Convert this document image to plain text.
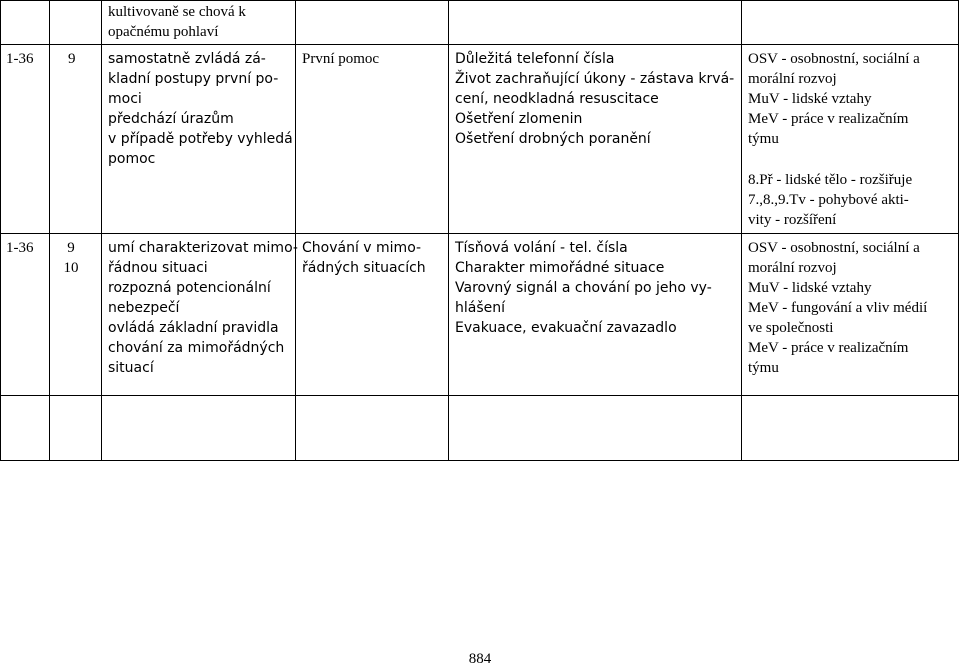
kultivovaně se chová k
opačnému pohlaví
1-36 9 samostatně zvládá zá-
kladní postupy první po-
moci
předchází úrazům
v případě potřeby vyhledá
pomoc
První pomoc	Důležitá telefonní čísla
Život zachraňující úkony - zástava krvá-
cení, neodkladná resuscitace
Ošetření zlomenin
Ošetření drobných poranění
OSV - osobnostní, sociální a
morální rozvoj
MuV - lidské vztahy
MeV - práce v realizačním
týmu
8.Př - lidské tělo - rozšiřuje
7.,8.,9.Tv - pohybové akti-
vity - rozšíření
1-36 9
10
umí charakterizovat mimo-
řádnou situaci
rozpozná potencionální
nebezpečí
ovládá základní pravidla
chování za mimořádných
situací
Chování v mimo-
řádných situacích
Tísňová volání - tel. čísla
Charakter mimořádné situace
Varovný signál a chování po jeho vy-
hlášení
Evakuace, evakuační zavazadlo
OSV - osobnostní, sociální a
morální rozvoj
MuV - lidské vztahy
MeV - fungování a vliv médií
ve společnosti
MeV - práce v realizačním
týmu
884
